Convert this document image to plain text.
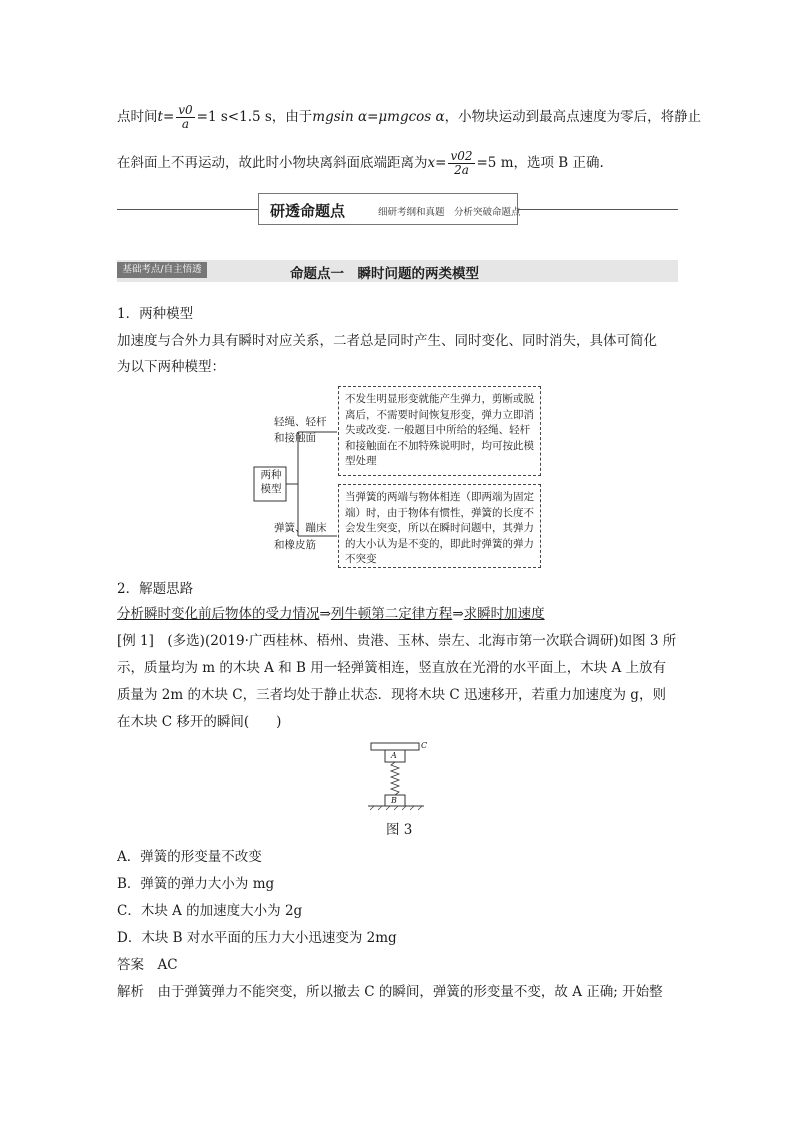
点时间$t= \frac{v0}{a} =1$ s<1.5 s，由于mgsin α=μmgcos α，小物块运动到最高点速度为零后，将静止
在斜面上不再运动，故此时小物块离斜面底端距离为$x= \frac{v02}{2a} =5$ m，选项 B 正确.
研透命题点	细研考纲和真题　分析突破命题点
基础考点/自主悟透	命题点一　瞬时问题的两类模型
1．两种模型
加速度与合外力具有瞬时对应关系，二者总是同时产生、同时变化、同时消失，具体可简化
为以下两种模型：
两种模型
轻绳、轻杆
和接触面
弹簧、蹦床
和橡皮筋
不发生明显形变就能产生弹力，剪断或脱离后，不需要时间恢复形变，弹力立即消失或改变. 一般题目中所给的轻绳、轻杆和接触面在不加特殊说明时，均可按此模型处理
当弹簧的两端与物体相连（即两端为固定端）时，由于物体有惯性，弹簧的长度不会发生突变，所以在瞬时问题中，其弹力的大小认为是不变的，即此时弹簧的弹力不突变
2．解题思路
分析瞬时变化前后物体的受力情况⇒列牛顿第二定律方程⇒求瞬时加速度
[例 1]　(多选)(2019·广西桂林、梧州、贵港、玉林、崇左、北海市第一次联合调研)如图 3 所
示，质量均为 m 的木块 A 和 B 用一轻弹簧相连，竖直放在光滑的水平面上，木块 A 上放有
质量为 2m 的木块 C，三者均处于静止状态．现将木块 C 迅速移开，若重力加速度为 g，则
在木块 C 移开的瞬间(　　)
A
B
C
图 3
A．弹簧的形变量不改变
B．弹簧的弹力大小为 mg
C．木块 A 的加速度大小为 2g
D．木块 B 对水平面的压力大小迅速变为 2mg
答案　 AC
解析　 由于弹簧弹力不能突变，所以撤去 C 的瞬间，弹簧的形变量不变，故 A 正确; 开始整
